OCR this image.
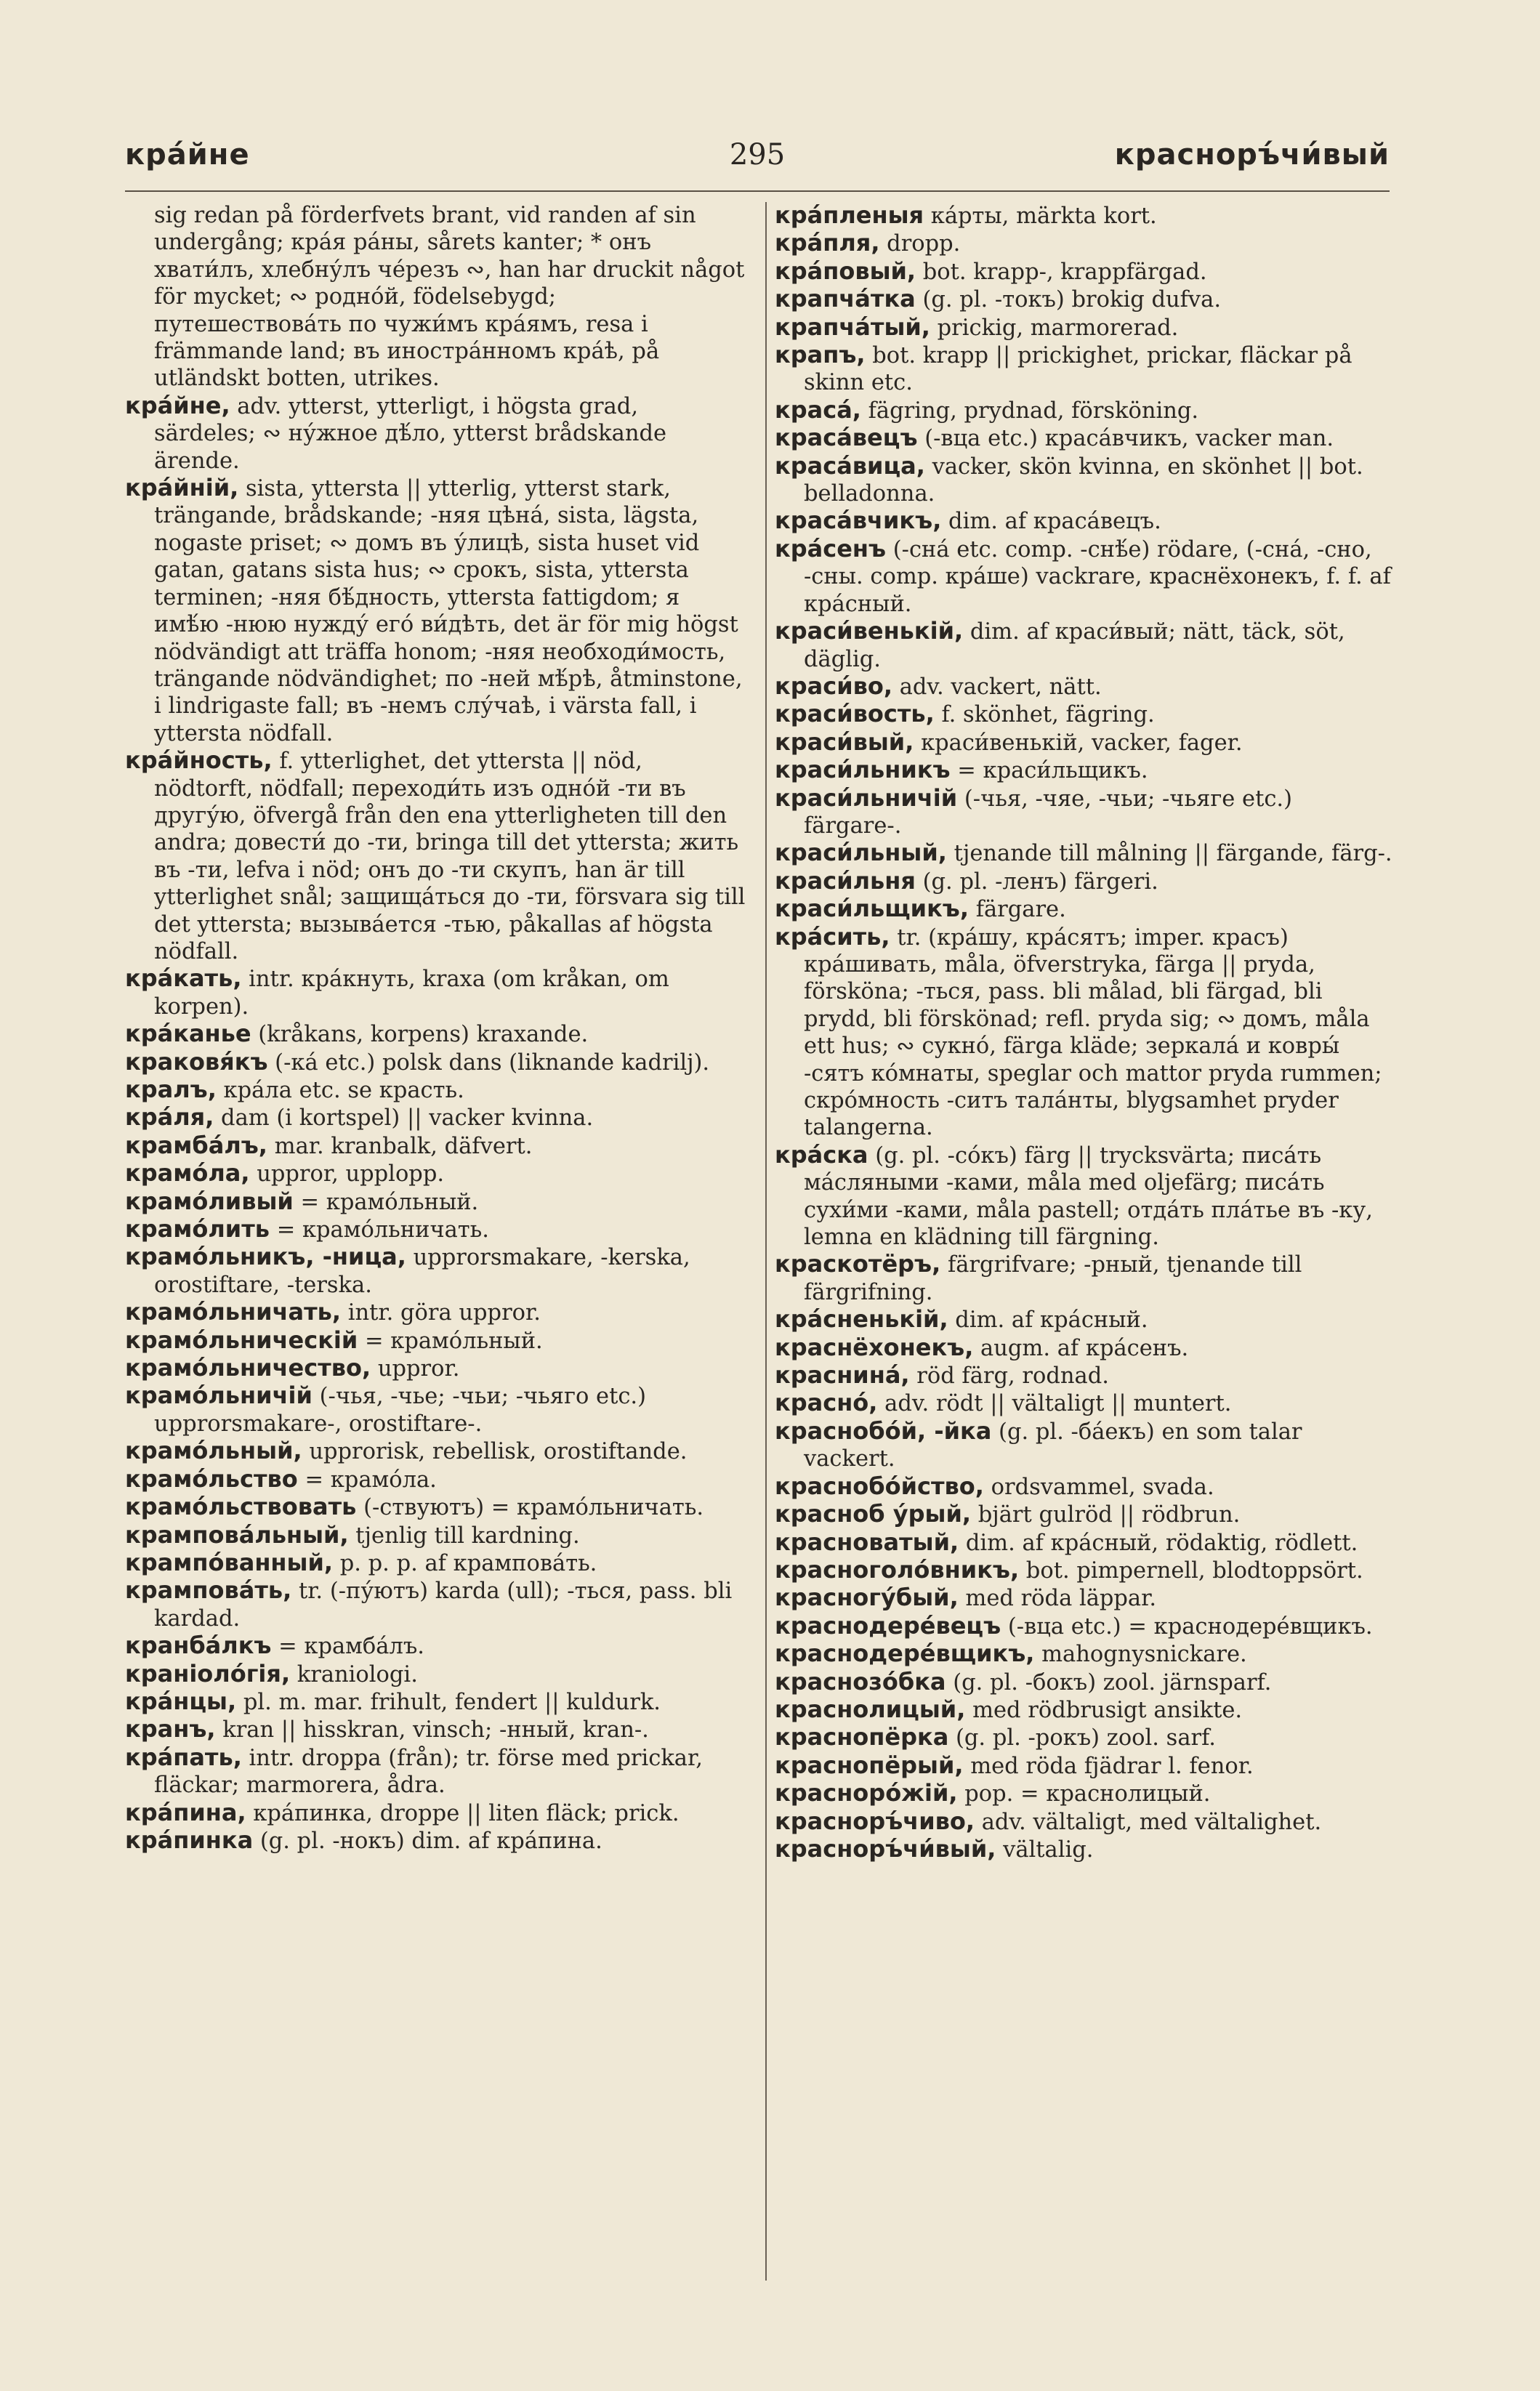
кра́йне	295	красноръ́чи́вый

sig redan på förderfvets brant, vid randen af sin undergång; кра́я ра́ны, sårets kanter; * онъ хвати́лъ, хлебну́лъ че́резъ ∾, han har druckit något för mycket; ∾ родно́й, födelsebygd; путешествова́ть по чужи́мъ кра́ямъ, resa i främmande land; въ иностра́ннoмъ кра́ѣ, på utländskt botten, utrikes.

кра́йне, adv. ytterst, ytterligt, i högsta grad, särdeles; ∾ ну́жное дѣ́ло, ytterst brådskande ärende.

кра́йній, sista, yttersta || ytterlig, ytterst stark, trängande, brådskande; -няя цѣна́, sista, lägsta, nogaste priset; ∾ домъ въ у́лицѣ, sista huset vid gatan, gatans sista hus; ∾ срокъ, sista, yttersta terminen; -няя бѣ́дность, yttersta fattigdom; я имѣ́ю -нюю нужду́ его́ ви́дѣть, det är för mig högst nödvändigt att träffa honom; -няя необходи́мость, trängande nödvändighet; по -ней мѣ́рѣ, åtminstone, i lindrigaste fall; въ -немъ слу́чаѣ, i värsta fall, i yttersta nödfall.

кра́йность, f. ytterlighet, det yttersta || nöd, nödtorft, nödfall; переходи́ть изъ одно́й -ти въ другу́ю, öfvergå från den ena ytterligheten till den andra; довести́ до -ти, bringa till det yttersta; жить въ -ти, lefva i nöd; онъ до -ти скупъ, han är till ytterlighet snål; защища́ться до -ти, försvara sig till det yttersta; вызыва́ется -тью, påkallas af högsta nödfall.

кра́кать, intr. кра́кнуть, kraxa (om kråkan, om korpen).

кра́канье (kråkans, korpens) kraxande.

краковя́къ (-ка́ etc.) polsk dans (liknande kadrilj).

кралъ, кра́ла etc. se красть.

кра́ля, dam (i kortspel) || vacker kvinna.

крамба́лъ, mar. kranbalk, däfvert.

крамо́ла, uppror, upplopp.

крамо́ливый = крамо́льный.

крамо́лить = крамо́льничать.

крамо́льникъ, -ница, upprorsmakare, -kerska, orostiftare, -terska.

крамо́льничать, intr. göra uppror.

крамо́льническій = крамо́льный.

крамо́льничество, uppror.

крамо́льничій (-чья, -чье; -чьи; -чьяго etc.) upprorsmakare-, orostiftare-.

крамо́льный, upprorisk, rebellisk, orostiftande.

крамо́льство = крамо́ла.

крамо́льствовать (-ствуютъ) = крамо́льничать.

крампова́льный, tjenlig till kardning.

крампо́ванный, p. p. p. af крампова́ть.

крампова́ть, tr. (-пу́ютъ) karda (ull); -ться, pass. bli kardad.

кранба́лкъ = крамба́лъ.

краніоло́гія, kraniologi.

кра́нцы, pl. m. mar. frihult, fendert || kuldurk.

кранъ, kran || hisskran, vinsch; -нный, kran-.

кра́пать, intr. droppa (från); tr. förse med prickar, fläckar; marmorera, ådra.

кра́пина, кра́пинка, droppe || liten fläck; prick.

кра́пинка (g. pl. -нокъ) dim. af кра́пина.

кра́пленыя ка́рты, märkta kort.

кра́пля, dropp.

кра́повый, bot. krapp-, krappfärgad.

крапча́тка (g. pl. -токъ) brokig dufva.

крапча́тый, prickig, marmorerad.

крапъ, bot. krapp || prickighet, prickar, fläckar på skinn etc.

краса́, fägring, prydnad, försköning.

краса́вецъ (-вца etc.) краса́вчикъ, vacker man.

краса́вица, vacker, skön kvinna, en skönhet || bot. belladonna.

краса́вчикъ, dim. af краса́вецъ.

кра́сенъ (-сна́ etc. comp. -снѣ́е) rödare, (-сна́, -сно, -сны. comp. кра́ше) vackrare, краснёхонекъ, f. f. af кра́сный.

краси́венькій, dim. af краси́вый; nätt, täck, söt, däglig.

краси́во, adv. vackert, nätt.

краси́вость, f. skönhet, fägring.

краси́вый, краси́венькій, vacker, fager.

краси́льникъ = краси́льщикъ.

краси́льничій (-чья, -чяе, -чьи; -чьяге etc.) färgare-.

краси́льный, tjenande till målning || färgande, färg-.

краси́льня (g. pl. -ленъ) färgeri.

краси́льщикъ, färgare.

кра́сить, tr. (кра́шу, кра́сятъ; imper. красъ) кра́шивать, måla, öfverstryka, färga || pryda, försköna; -ться, pass. bli målad, bli färgad, bli prydd, bli förskönad; refl. pryda sig; ∾ домъ, måla ett hus; ∾ сукно́, färga kläde; зеркала́ и ковры́ -сятъ ко́мнаты, speglar och mattor pryda rummen; скро́мность -ситъ тала́нты, blygsamhet pryder talangerna.

кра́ска (g. pl. -со́къ) färg || trycksvärta; писа́ть ма́сляными -ками, måla med oljefärg; писа́ть сухи́ми -ками, måla pastell; отда́ть пла́тье въ -ку, lemna en klädning till färgning.

краскотёръ, färgrifvare; -рный, tjenande till färgrifning.

кра́сненькій, dim. af кра́сный.

краснёхонекъ, augm. af кра́сенъ.

краснина́, röd färg, rodnad.

красно́, adv. rödt || vältaligt || muntert.

краснобо́й, -йка (g. pl. -ба́екъ) en som talar vackert.

краснобо́йство, ordsvammel, svada.

красноб у́рый, bjärt gulröd || rödbrun.

красноватый, dim. af кра́сный, rödaktig, rödlett.

красноголо́вникъ, bot. pimpernell, blodtoppsört.

красногу́бый, med röda läppar.

краснодере́вецъ (-вца etc.) = краснодере́вщикъ.

краснодере́вщикъ, mahognysnickare.

краснозо́бка (g. pl. -бокъ) zool. järnsparf.

краснолицый, med rödbrusigt ansikte.

краснопёрка (g. pl. -рокъ) zool. sarf.

краснопёрый, med röda fjädrar l. fenor.

красноро́жій, pop. = краснолицый.

красноръ́чиво, adv. vältaligt, med vältalighet.

красноръ́чи́вый, vältalig.
